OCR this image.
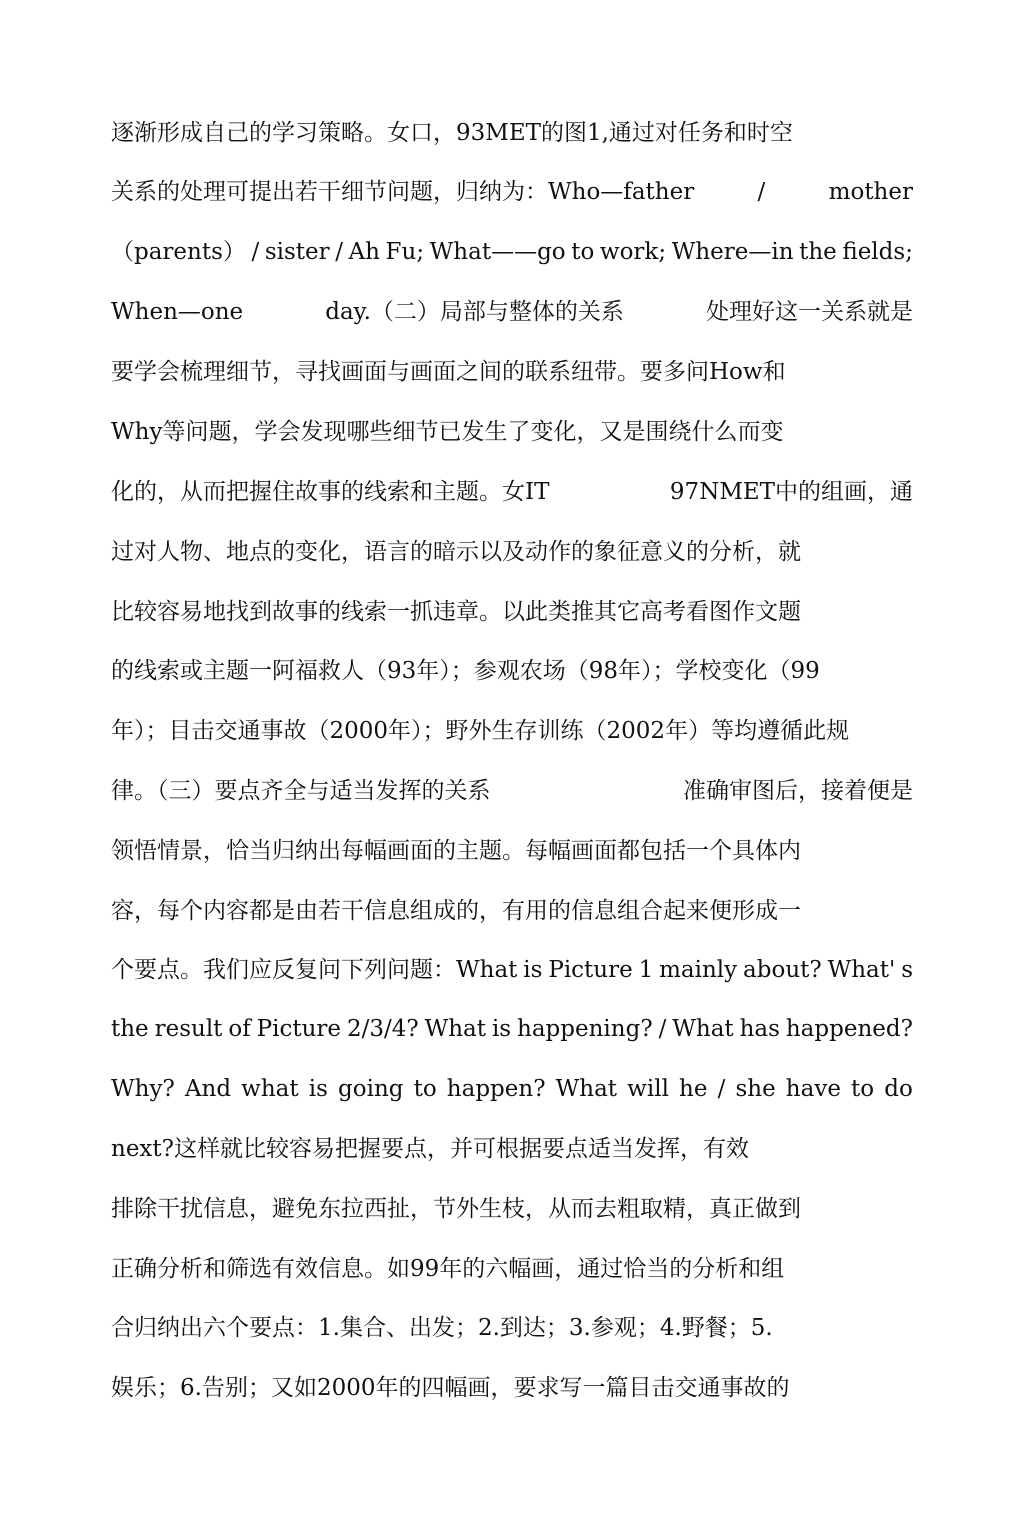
逐渐形成自己的学习策略。女口，93MET的图1,通过对任务和时空
关系的处理可提出若干细节问题，归纳为：Who—father	/	mother
（parents） / sister / Ah Fu; What——go to work; Where—in the fields;
When—one	day.（二）局部与整体的关系	处理好这一关系就是
要学会梳理细节，寻找画面与画面之间的联系纽带。要多问How和
Why等问题，学会发现哪些细节已发生了变化，又是围绕什么而变
化的，从而把握住故事的线索和主题。女IT	97NMET中的组画，通
过对人物、地点的变化，语言的暗示以及动作的象征意义的分析，就
比较容易地找到故事的线索一抓违章。以此类推其它高考看图作文题
的线索或主题一阿福救人（93年）；参观农场（98年）；学校变化（99
年）；目击交通事故（2000年）；野外生存训练（2002年）等均遵循此规
律。（三）要点齐全与适当发挥的关系	准确审图后，接着便是
领悟情景，恰当归纳出每幅画面的主题。每幅画面都包括一个具体内
容，每个内容都是由若干信息组成的，有用的信息组合起来便形成一
个要点。我们应反复问下列问题：What is Picture 1 mainly about? What' s
the result of Picture 2/3/4? What is happening? / What has happened?
Why? And what is going to happen? What will he / she have to do
next?这样就比较容易把握要点，并可根据要点适当发挥，有效
排除干扰信息，避免东拉西扯，节外生枝，从而去粗取精，真正做到
正确分析和筛选有效信息。如99年的六幅画，通过恰当的分析和组
合归纳出六个要点：1.集合、出发；2.到达；3.参观；4.野餐；5.
娱乐；6.告别；又如2000年的四幅画，要求写一篇目击交通事故的
